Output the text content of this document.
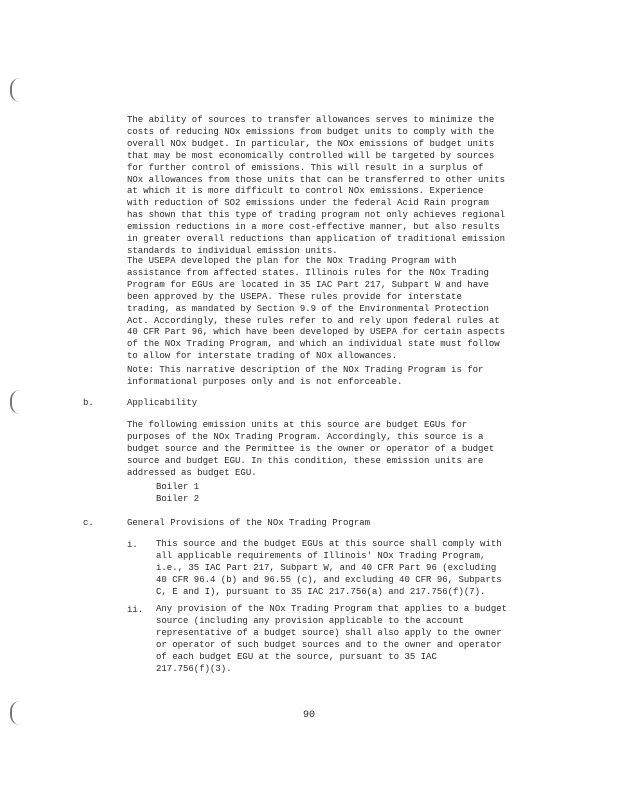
The ability of sources to transfer allowances serves to minimize the
costs of reducing NOx emissions from budget units to comply with the
overall NOx budget. In particular, the NOx emissions of budget units
that may be most economically controlled will be targeted by sources
for further control of emissions. This will result in a surplus of
NOx allowances from those units that can be transferred to other units
at which it is more difficult to control NOx emissions. Experience
with reduction of SO2 emissions under the federal Acid Rain program
has shown that this type of trading program not only achieves regional
emission reductions in a more cost-effective manner, but also results
in greater overall reductions than application of traditional emission
standards to individual emission units.
The USEPA developed the plan for the NOx Trading Program with
assistance from affected states. Illinois rules for the NOx Trading
Program for EGUs are located in 35 IAC Part 217, Subpart W and have
been approved by the USEPA. These rules provide for interstate
trading, as mandated by Section 9.9 of the Environmental Protection
Act. Accordingly, these rules refer to and rely upon federal rules at
40 CFR Part 96, which have been developed by USEPA for certain aspects
of the NOx Trading Program, and which an individual state must follow
to allow for interstate trading of NOx allowances.
Note: This narrative description of the NOx Trading Program is for
informational purposes only and is not enforceable.
b.	Applicability
The following emission units at this source are budget EGUs for
purposes of the NOx Trading Program. Accordingly, this source is a
budget source and the Permittee is the owner or operator of a budget
source and budget EGU. In this condition, these emission units are
addressed as budget EGU.
Boiler 1
Boiler 2
c.	General Provisions of the NOx Trading Program
i. This source and the budget EGUs at this source shall comply with
all applicable requirements of Illinois' NOx Trading Program,
i.e., 35 IAC Part 217, Subpart W, and 40 CFR Part 96 (excluding
40 CFR 96.4 (b) and 96.55 (c), and excluding 40 CFR 96, Subparts
C, E and I), pursuant to 35 IAC 217.756(a) and 217.756(f)(7).
ii. Any provision of the NOx Trading Program that applies to a budget
source (including any provision applicable to the account
representative of a budget source) shall also apply to the owner
or operator of such budget sources and to the owner and operator
of each budget EGU at the source, pursuant to 35 IAC
217.756(f)(3).
90
